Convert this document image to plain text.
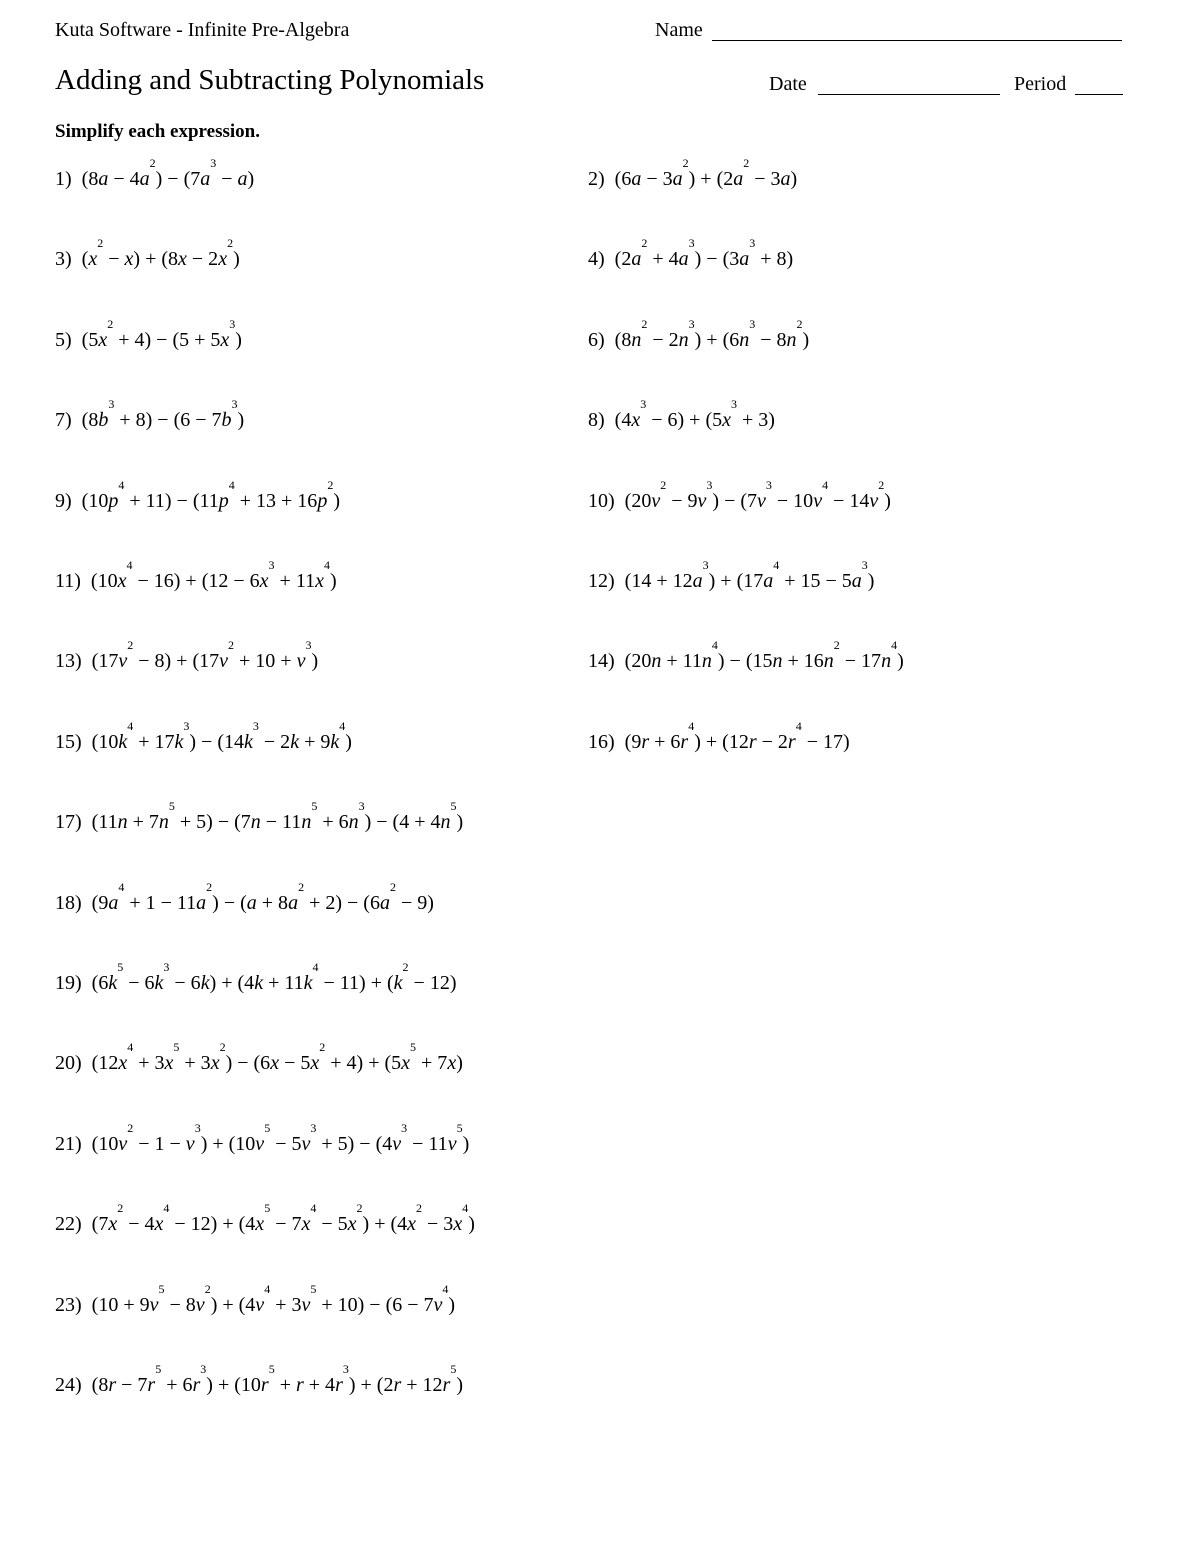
Kuta Software - Infinite Pre-Algebra	Name
Adding and Subtracting Polynomials	Date	Period
Simplify each expression.
1) $(8a - 4a^2) - (7a^3 - a)$	2) $(6a - 3a^2) + (2a^2 - 3a)$
3) $(x^2 - x) + (8x - 2x^2)$	4) $(2a^2 + 4a^3) - (3a^3 + 8)$
5) $(5x^2 + 4) - (5 + 5x^3)$	6) $(8n^2 - 2n^3) + (6n^3 - 8n^2)$
7) $(8b^3 + 8) - (6 - 7b^3)$	8) $(4x^3 - 6) + (5x^3 + 3)$
9) $(10p^4 + 11) - (11p^4 + 13 + 16p^2)$	10) $(20v^2 - 9v^3) - (7v^3 - 10v^4 - 14v^2)$
11) $(10x^4 - 16) + (12 - 6x^3 + 11x^4)$	12) $(14 + 12a^3) + (17a^4 + 15 - 5a^3)$
13) $(17v^2 - 8) + (17v^2 + 10 + v^3)$	14) $(20n + 11n^4) - (15n + 16n^2 - 17n^4)$
15) $(10k^4 + 17k^3) - (14k^3 - 2k + 9k^4)$	16) $(9r + 6r^4) + (12r - 2r^4 - 17)$
17) $(11n + 7n^5 + 5) - (7n - 11n^5 + 6n^3) - (4 + 4n^5)$
18) $(9a^4 + 1 - 11a^2) - (a + 8a^2 + 2) - (6a^2 - 9)$
19) $(6k^5 - 6k^3 - 6k) + (4k + 11k^4 - 11) + (k^2 - 12)$
20) $(12x^4 + 3x^5 + 3x^2) - (6x - 5x^2 + 4) + (5x^5 + 7x)$
21) $(10v^2 - 1 - v^3) + (10v^5 - 5v^3 + 5) - (4v^3 - 11v^5)$
22) $(7x^2 - 4x^4 - 12) + (4x^5 - 7x^4 - 5x^2) + (4x^2 - 3x^4)$
23) $(10 + 9v^5 - 8v^2) + (4v^4 + 3v^5 + 10) - (6 - 7v^4)$
24) $(8r - 7r^5 + 6r^3) + (10r^5 + r + 4r^3) + (2r + 12r^5)$
